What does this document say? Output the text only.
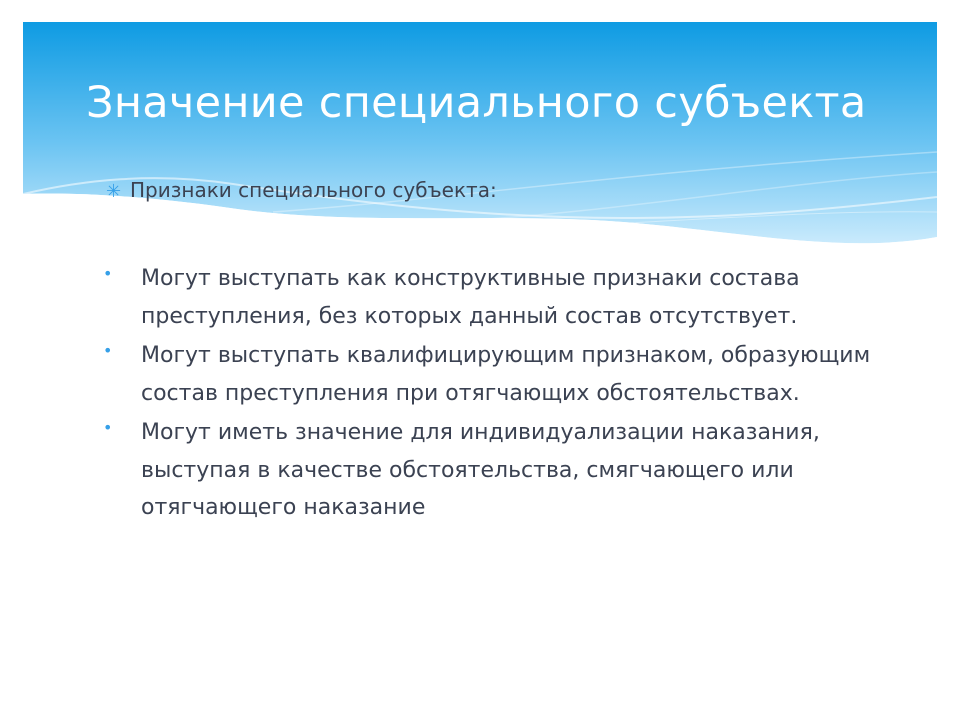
Значение специального субъекта
✳ Признаки специального субъекта:
•	Могут выступать как конструктивные признаки состава преступления, без которых данный состав отсутствует.
•	Могут выступать квалифицирующим признаком, образующим состав преступления при отягчающих обстоятельствах.
•	Могут иметь значение для индивидуализации наказания, выступая в качестве обстоятельства, смягчающего или отягчающего наказание
